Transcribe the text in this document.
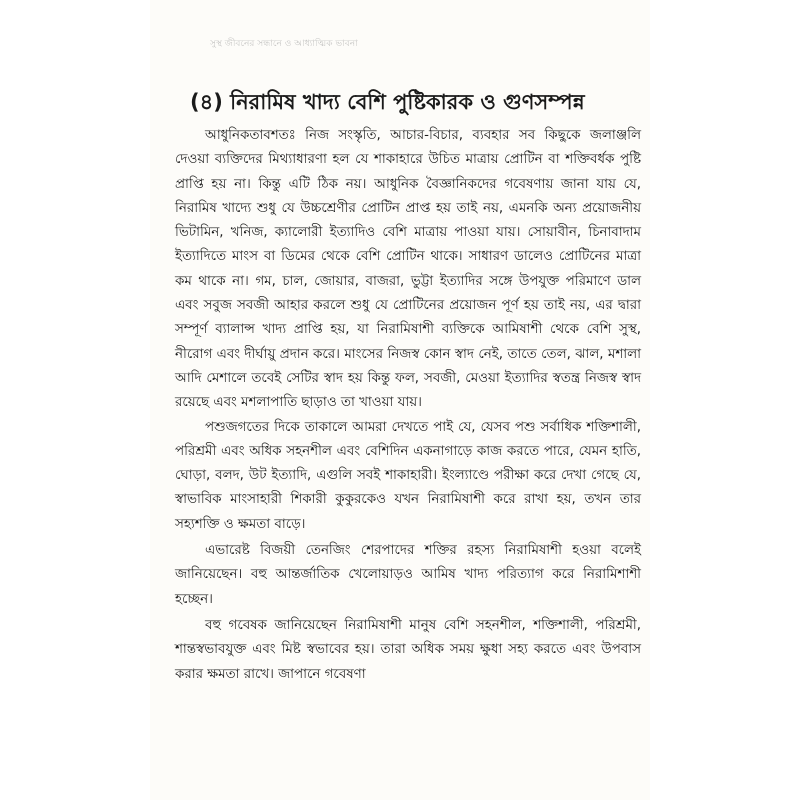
সুস্থ জীবনের সন্ধানে ও আধ্যাত্মিক ভাবনা
(৪) নিরামিষ খাদ্য বেশি পুষ্টিকারক ও গুণসম্পন্ন

আধুনিকতাবশতঃ নিজ সংস্কৃতি, আচার-বিচার, ব্যবহার সব কিছুকে জলাঞ্জলি দেওয়া ব্যক্তিদের মিথ্যাধারণা হল যে শাকাহারে উচিত মাত্রায় প্রোটিন বা শক্তিবর্ধক পুষ্টি প্রাপ্তি হয় না। কিন্তু এটি ঠিক নয়। আধুনিক বৈজ্ঞানিকদের গবেষণায় জানা যায় যে, নিরামিষ খাদ্যে শুধু যে উচ্চশ্রেণীর প্রোটিন প্রাপ্ত হয় তাই নয়, এমনকি অন্য প্রয়োজনীয় ভিটামিন, খনিজ, ক্যালোরী ইত্যাদিও বেশি মাত্রায় পাওয়া যায়। সোয়াবীন, চিনাবাদাম ইত্যাদিতে মাংস বা ডিমের থেকে বেশি প্রোটিন থাকে। সাধারণ ডালেও প্রোটিনের মাত্রা কম থাকে না। গম, চাল, জোয়ার, বাজরা, ভুট্টা ইত্যাদির সঙ্গে উপযুক্ত পরিমাণে ডাল এবং সবুজ সবজী আহার করলে শুধু যে প্রোটিনের প্রয়োজন পূর্ণ হয় তাই নয়, এর দ্বারা সম্পূর্ণ ব্যালান্স খাদ্য প্রাপ্তি হয়, যা নিরামিষাশী ব্যক্তিকে আমিষাশী থেকে বেশি সুস্থ, নীরোগ এবং দীর্ঘায়ু প্রদান করে। মাংসের নিজস্ব কোন স্বাদ নেই, তাতে তেল, ঝাল, মশালা আদি মেশালে তবেই সেটির স্বাদ হয় কিন্তু ফল, সবজী, মেওয়া ইত্যাদির স্বতন্ত্র নিজস্ব স্বাদ রয়েছে এবং মশলাপাতি ছাড়াও তা খাওয়া যায়।

পশুজগতের দিকে তাকালে আমরা দেখতে পাই যে, যেসব পশু সর্বাধিক শক্তিশালী, পরিশ্রমী এবং অধিক সহনশীল এবং বেশিদিন একনাগাড়ে কাজ করতে পারে, যেমন হাতি, ঘোড়া, বলদ, উট ইত্যাদি, এগুলি সবই শাকাহারী। ইংল্যাণ্ডে পরীক্ষা করে দেখা গেছে যে, স্বাভাবিক মাংসাহারী শিকারী কুকুরকেও যখন নিরামিষাশী করে রাখা হয়, তখন তার সহ্যশক্তি ও ক্ষমতা বাড়ে।

এভারেষ্ট বিজয়ী তেনজিং শেরপাদের শক্তির রহস্য নিরামিষাশী হওয়া বলেই জানিয়েছেন। বহু আন্তর্জাতিক খেলোয়াড়ও আমিষ খাদ্য পরিত্যাগ করে নিরামিশাশী হচ্ছেন।

বহু গবেষক জানিয়েছেন নিরামিষাশী মানুষ বেশি সহনশীল, শক্তিশালী, পরিশ্রমী, শান্তস্বভাবযুক্ত এবং মিষ্ট স্বভাবের হয়। তারা অধিক সময় ক্ষুধা সহ্য করতে এবং উপবাস করার ক্ষমতা রাখে। জাপানে গবেষণা
